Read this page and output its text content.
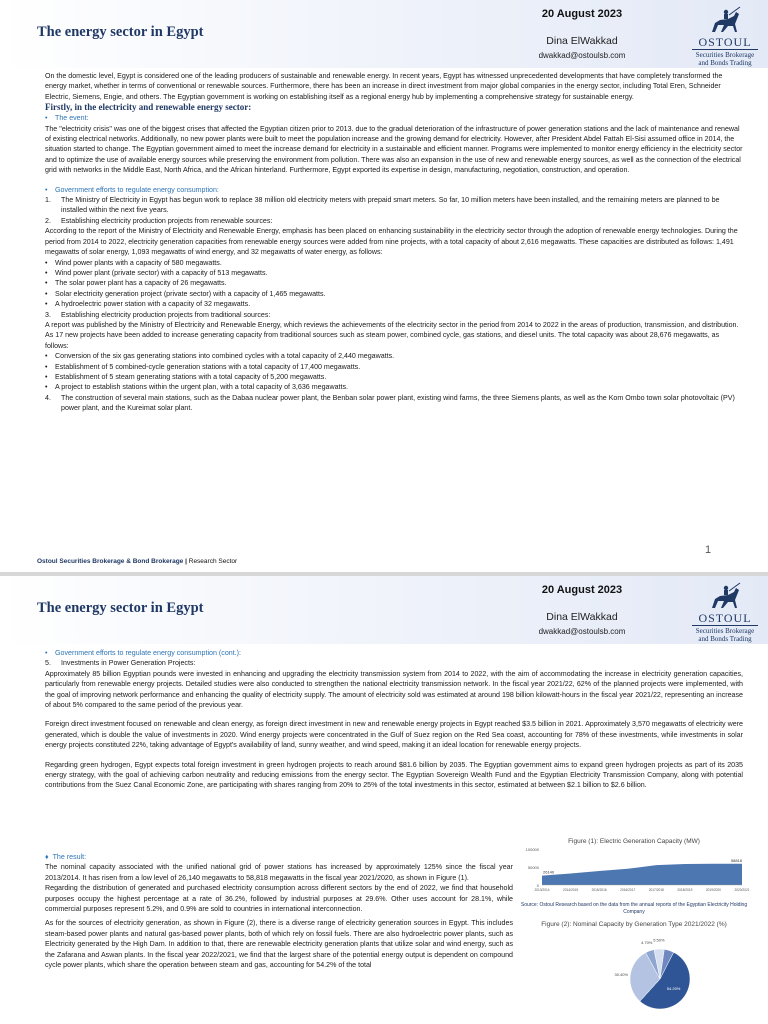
The energy sector in Egypt
20 August 2023
Dina ElWakkad
dwakkad@ostoulsb.com
OSTOUL
Securities Brokerage
and Bonds Trading

On the domestic level, Egypt is considered one of the leading producers of sustainable and renewable energy. In recent years, Egypt has witnessed unprecedented developments that have completely transformed the energy market, whether in terms of conventional or renewable sources. Furthermore, there has been an increase in direct investment from major global companies in the energy sector, including Total Eren, Schneider Electric, Siemens, Engie, and others. The Egyptian government is working on establishing itself as a regional energy hub by implementing a comprehensive strategy for sustainable energy.

Firstly, in the electricity and renewable energy sector:

• The event:

The "electricity crisis" was one of the biggest crises that affected the Egyptian citizen prior to 2013. due to the gradual deterioration of the infrastructure of power generation stations and the lack of maintenance and renewal of existing electrical networks. Additionally, no new power plants were built to meet the population increase and the growing demand for electricity. However, after President Abdel Fattah El-Sisi assumed office in 2014, the situation started to change. The Egyptian government aimed to meet the increase demand for electricity in a sustainable and efficient manner. Programs were implemented to monitor energy efficiency in the electricity sector and to optimize the use of available energy sources while preserving the environment from pollution. There was also an expansion in the use of new and renewable energy sources, as well as the connection of the electrical grid with networks in the Middle East, North Africa, and the African hinterland. Furthermore, Egypt exported its expertise in design, manufacturing, negotiation, construction, and operation.

• Government efforts to regulate energy consumption:

1. The Ministry of Electricity in Egypt has begun work to replace 38 million old electricity meters with prepaid smart meters. So far, 10 million meters have been installed, and the remaining meters are planned to be installed within the next five years.

2. Establishing electricity production projects from renewable sources:

According to the report of the Ministry of Electricity and Renewable Energy, emphasis has been placed on enhancing sustainability in the electricity sector through the adoption of renewable energy technologies. During the period from 2014 to 2022, electricity generation capacities from renewable energy sources were added from nine projects, with a total capacity of about 2,616 megawatts. These capacities are distributed as follows: 1,491 megawatts of solar energy, 1,093 megawatts of wind energy, and 32 megawatts of water energy, as follows:

• Wind power plants with a capacity of 580 megawatts.

• Wind power plant (private sector) with a capacity of 513 megawatts.

• The solar power plant has a capacity of 26 megawatts.

• Solar electricity generation project (private sector) with a capacity of 1,465 megawatts.

• A hydroelectric power station with a capacity of 32 megawatts.

3. Establishing electricity production projects from traditional sources:

A report was published by the Ministry of Electricity and Renewable Energy, which reviews the achievements of the electricity sector in the period from 2014 to 2022 in the areas of production, transmission, and distribution. As 17 new projects have been added to increase generating capacity from traditional sources such as steam power, combined cycle, gas stations, and diesel units. The total capacity was about 28,676 megawatts, as follows:

• Conversion of the six gas generating stations into combined cycles with a total capacity of 2,440 megawatts.

• Establishment of 5 combined-cycle generation stations with a total capacity of 17,400 megawatts.

• Establishment of 5 steam generating stations with a total capacity of 5,200 megawatts.

• A project to establish stations within the urgent plan, with a total capacity of 3,636 megawatts.

4. The construction of several main stations, such as the Dabaa nuclear power plant, the Benban solar power plant, existing wind farms, the three Siemens plants, as well as the Kom Ombo town solar photovoltaic (PV) power plant, and the Kureimat solar plant.

1
Ostoul Securities Brokerage & Bond Brokerage | Research Sector
The energy sector in Egypt
20 August 2023
Dina ElWakkad
dwakkad@ostoulsb.com
OSTOUL
Securities Brokerage
and Bonds Trading

• Government efforts to regulate energy consumption (cont.):

5. Investments in Power Generation Projects:

Approximately 85 billion Egyptian pounds were invested in enhancing and upgrading the electricity transmission system from 2014 to 2022, with the aim of accommodating the increase in electricity generation capacities, particularly from renewable energy projects. Detailed studies were also conducted to strengthen the national electricity transmission network. In the fiscal year 2021/22, 62% of the planned projects were implemented, with the goal of improving network performance and enhancing the quality of electricity supply. The amount of electricity sold was estimated at around 198 billion kilowatt-hours in the fiscal year 2021/22, representing an increase of about 5% compared to the same period of the previous year.

Foreign direct investment focused on renewable and clean energy, as foreign direct investment in new and renewable energy projects in Egypt reached $3.5 billion in 2021. Approximately 3,570 megawatts of electricity were generated, which is double the value of investments in 2020. Wind energy projects were concentrated in the Gulf of Suez region on the Red Sea coast, accounting for 78% of these investments, while investments in solar energy projects constituted 22%, taking advantage of Egypt's availability of land, sunny weather, and wind speed, making it an ideal location for renewable energy projects.

Regarding green hydrogen, Egypt expects total foreign investment in green hydrogen projects to reach around $81.6 billion by 2035. The Egyptian government aims to expand green hydrogen projects as part of its 2035 energy strategy, with the goal of achieving carbon neutrality and reducing emissions from the energy sector. The Egyptian Sovereign Wealth Fund and the Egyptian Electricity Transmission Company, along with potential contributions from the Suez Canal Economic Zone, are participating with shares ranging from 20% to 25% of the total investments in this sector, estimated at between $2.1 billion to $2.6 billion.

♦  The result:

The nominal capacity associated with the unified national grid of power stations has increased by approximately 125% since the fiscal year 2013/2014. It has risen from a low level of 26,140 megawatts to 58,818 megawatts in the fiscal year 2021/2020, as shown in Figure (1).

Regarding the distribution of generated and purchased electricity consumption across different sectors by the end of 2022, we find that household purposes occupy the highest percentage at a rate of 36.2%, followed by industrial purposes at 29.6%. Other uses account for 28.1%, while commercial purposes represent 5.2%, and 0.9% are sold to countries in international interconnection.

As for the sources of electricity generation, as shown in Figure (2), there is a diverse range of electricity generation sources in Egypt. This includes steam-based power plants and natural gas-based power plants, both of which rely on fossil fuels. There are also hydroelectric power plants, such as Electricity generated by the High Dam. In addition to that, there are renewable electricity generation plants that utilize solar and wind energy, such as the Zafarana and Aswan plants. In the fiscal year 2022/2021, we find that the largest share of the potential energy output is dependent on compound cycle power plants, which share the operation between steam and gas, accounting for 54.2% of the total

Figure (1): Electric Generation Capacity (MW)
0
50000
100000
2013/2014	2014/2015	2015/2016	2016/2017	2017/2018	2018/2019	2019/2020	2020/2021
26140
58818
Source: Ostoul Research based on the data from the annual reports of the Egyptian Electricity Holding Company
Figure (2): Nominal Capacity by Generation Type 2021/2022 (%)
54.20%
30.40%
4.70% 5.50%
